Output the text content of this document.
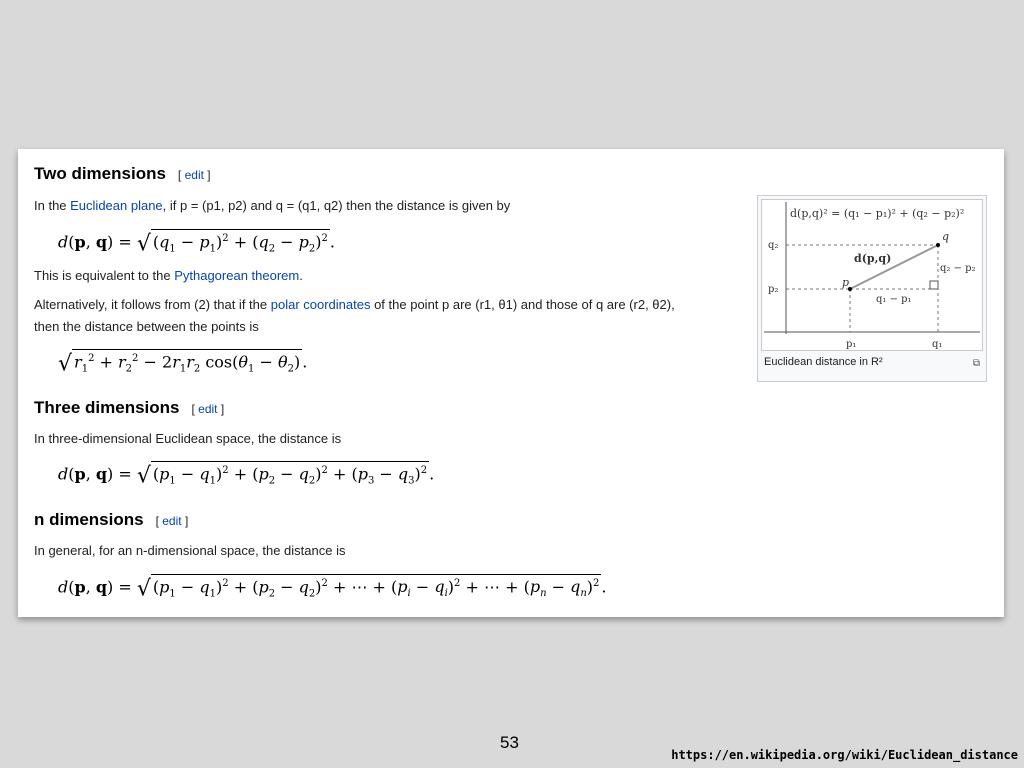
Two dimensions [ edit ]
In the Euclidean plane, if p = (p1, p2) and q = (q1, q2) then the distance is given by
d(p, q) = √ $(q_1 - p_1)^2 + (q_2 - p_2)^2$ .
This is equivalent to the Pythagorean theorem.
Alternatively, it follows from (2) that if the polar coordinates of the point p are (r1, θ1) and those of q are (r2, θ2),
then the distance between the points is
√ $r_1^2 + r_2^2 - 2r_1r_2$ $\cos(\theta_1 - \theta_2)$ .
Three dimensions [ edit ]
In three-dimensional Euclidean space, the distance is
d(p, q) = √ $(p_1 - q_1)^2 + (p_2 - q_2)^2 + (p_3 - q_3)^2$ .
n dimensions [ edit ]
In general, for an n-dimensional space, the distance is
d(p, q) = √ $(p_1 - q_1)^2 + (p_2 - q_2)^2$ + ⋯ + $(p_i - q_i)^2$ + ⋯ + $(p_n - q_n)^2$ .
d(p,q)² = (q₁ − p₁)² + (q₂ − p₂)²
q₂
p₂
p₁	q₁
p
q
d(p,q)
q₂ − p₂
q₁ − p₁
Euclidean distance in R²	⧉
53
https://en.wikipedia.org/wiki/Euclidean_distance
